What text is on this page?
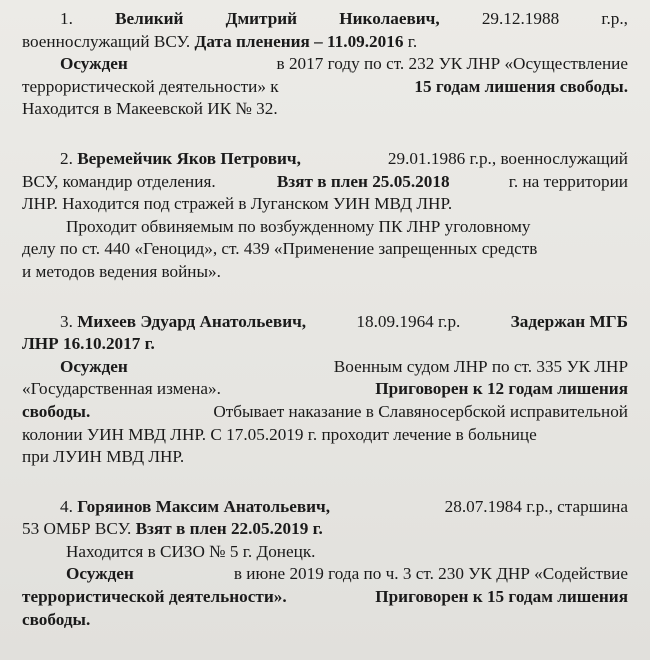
1. Великий Дмитрий Николаевич, 29.12.1988 г.р.,
военнослужащий ВСУ. Дата пленения – 11.09.2016 г.
Осужден	в 2017 году по ст. 232 УК ЛНР «Осуществление
террористической деятельности» к	15 годам лишения свободы.
Находится в Макеевской ИК № 32.
2. Веремейчик Яков Петрович,	29.01.1986 г.р., военнослужащий
ВСУ, командир отделения.	Взят в плен 25.05.2018	г. на территории
ЛНР. Находится под стражей в Луганском УИН МВД ЛНР.
Проходит обвиняемым по возбужденному ПК ЛНР уголовному
делу по ст. 440 «Геноцид», ст. 439 «Применение запрещенных средств
и методов ведения войны».
3. Михеев Эдуард Анатольевич,	18.09.1964 г.р.	Задержан МГБ
ЛНР 16.10.2017 г.
Осужден	Военным судом ЛНР по ст. 335 УК ЛНР
«Государственная измена».	Приговорен к 12 годам лишения
свободы.	Отбывает наказание в Славяносербской исправительной
колонии УИН МВД ЛНР. С 17.05.2019 г. проходит лечение в больнице
при ЛУИН МВД ЛНР.
4. Горяинов Максим Анатольевич,	28.07.1984 г.р., старшина
53 ОМБР ВСУ. Взят в плен 22.05.2019 г.
Находится в СИЗО № 5 г. Донецк.
Осужден	в июне 2019 года по ч. 3 ст. 230 УК ДНР «Содействие
террористической деятельности».	Приговорен к 15 годам лишения
свободы.
